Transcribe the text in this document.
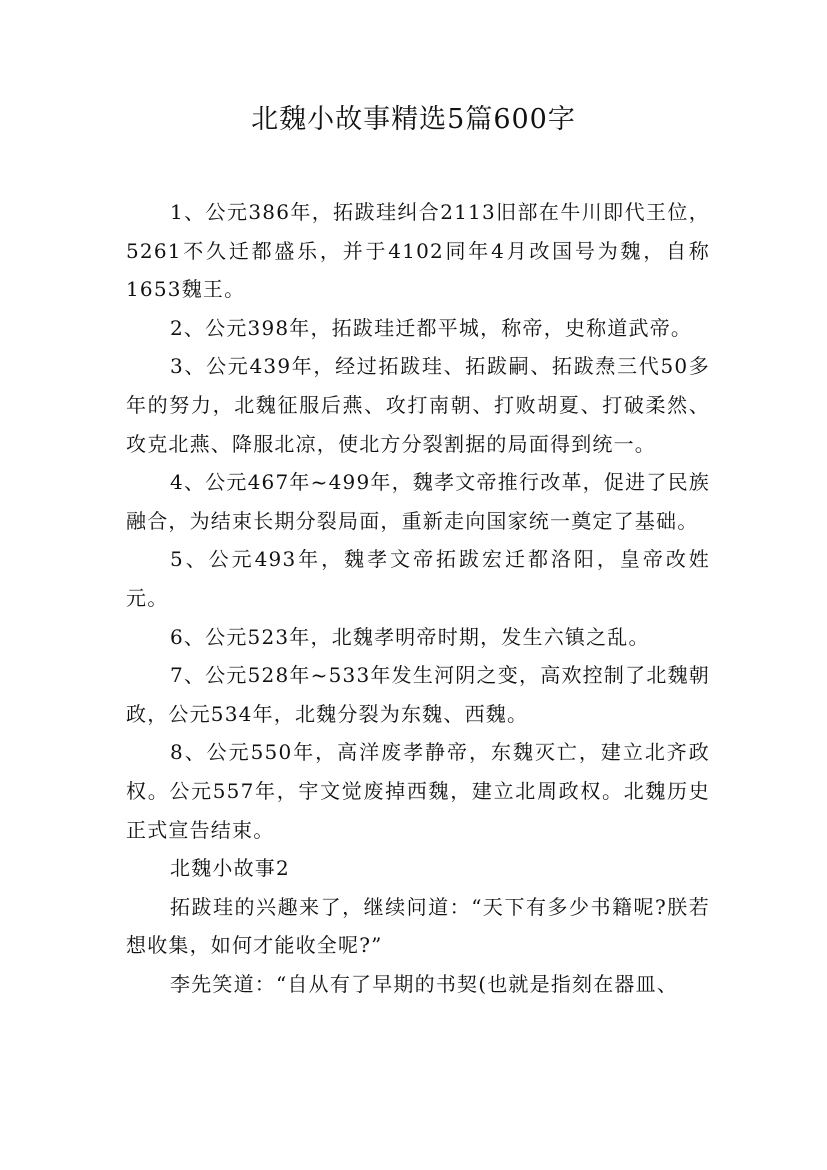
北魏小故事精选5篇600字

1、公元386年，拓跋珪纠合2113旧部在牛川即代王位，5261不久迁都盛乐，并于4102同年4月改国号为魏，自称1653魏王。

2、公元398年，拓跋珪迁都平城，称帝，史称道武帝。

3、公元439年，经过拓跋珪、拓跋嗣、拓跋焘三代50多年的努力，北魏征服后燕、攻打南朝、打败胡夏、打破柔然、攻克北燕、降服北凉，使北方分裂割据的局面得到统一。

4、公元467年~499年，魏孝文帝推行改革，促进了民族融合，为结束长期分裂局面，重新走向国家统一奠定了基础。

5、公元493年，魏孝文帝拓跋宏迁都洛阳，皇帝改姓元。

6、公元523年，北魏孝明帝时期，发生六镇之乱。

7、公元528年~533年发生河阴之变，高欢控制了北魏朝政，公元534年，北魏分裂为东魏、西魏。

8、公元550年，高洋废孝静帝，东魏灭亡，建立北齐政权。公元557年，宇文觉废掉西魏，建立北周政权。北魏历史正式宣告结束。

北魏小故事2

拓跋珪的兴趣来了，继续问道：“天下有多少书籍呢?朕若想收集，如何才能收全呢?”

李先笑道：“自从有了早期的书契(也就是指刻在器皿、
